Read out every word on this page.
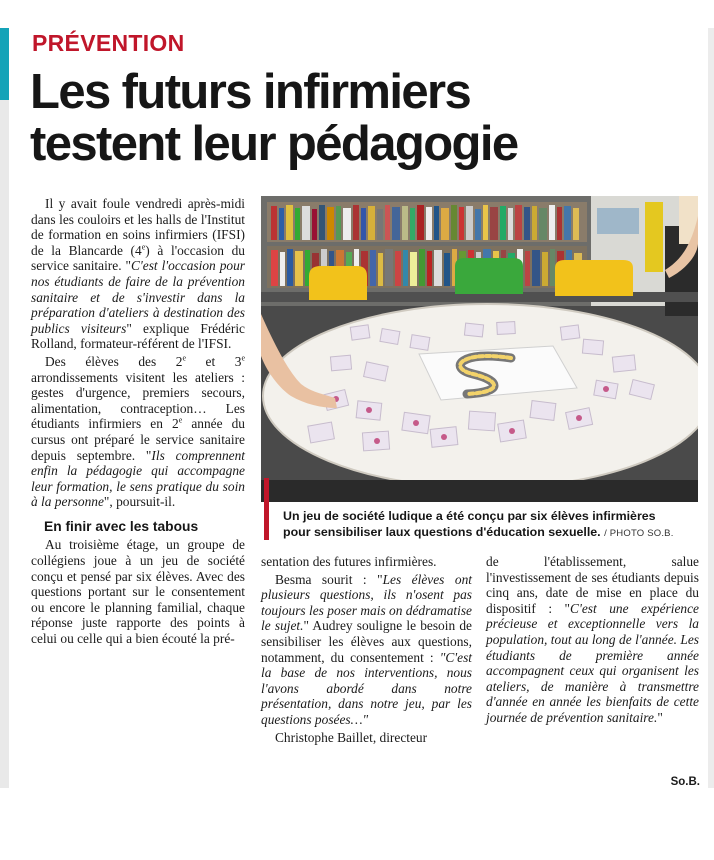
PRÉVENTION
Les futurs infirmiers
testent leur pédagogie

Il y avait foule vendredi après-midi dans les couloirs et les halls de l'Institut de formation en soins infirmiers (IFSI) de la Blancarde (4e) à l'occasion du service sanitaire. "C'est l'occasion pour nos étudiants de faire de la prévention sanitaire et de s'investir dans la préparation d'ateliers à destination des publics visiteurs" explique Frédéric Rolland, formateur-référent de l'IFSI.

Des élèves des 2e et 3e arrondissements visitent les ateliers : gestes d'urgence, premiers secours, alimentation, contraception… Les étudiants infirmiers en 2e année du cursus ont préparé le service sanitaire depuis septembre. "Ils comprennent enfin la pédagogie qui accompagne leur formation, le sens pratique du soin à la personne", poursuit-il.

En finir avec les tabous

Au troisième étage, un groupe de collégiens joue à un jeu de société conçu et pensé par six élèves. Avec des questions portant sur le consentement ou encore le planning familial, chaque réponse juste rapporte des points à celui ou celle qui a bien écouté la pré-

Un jeu de société ludique a été conçu par six élèves infirmières
pour sensibiliser laux questions d'éducation sexuelle. / PHOTO SO.B.

sentation des futures infirmières.

Besma sourit : "Les élèves ont plusieurs questions, ils n'osent pas toujours les poser mais on dédramatise le sujet." Audrey souligne le besoin de sensibiliser les élèves aux questions, notamment, du consentement : "C'est la base de nos interventions, nous l'avons abordé dans notre présentation, dans notre jeu, par les questions posées…"

Christophe Baillet, directeur

de l'établissement, salue l'investissement de ses étudiants depuis cinq ans, date de mise en place du dispositif : "C'est une expérience précieuse et exceptionnelle vers la population, tout au long de l'année. Les étudiants de première année accompagnent ceux qui organisent les ateliers, de manière à transmettre d'année en année les bienfaits de cette journée de prévention sanitaire."

So.B.
